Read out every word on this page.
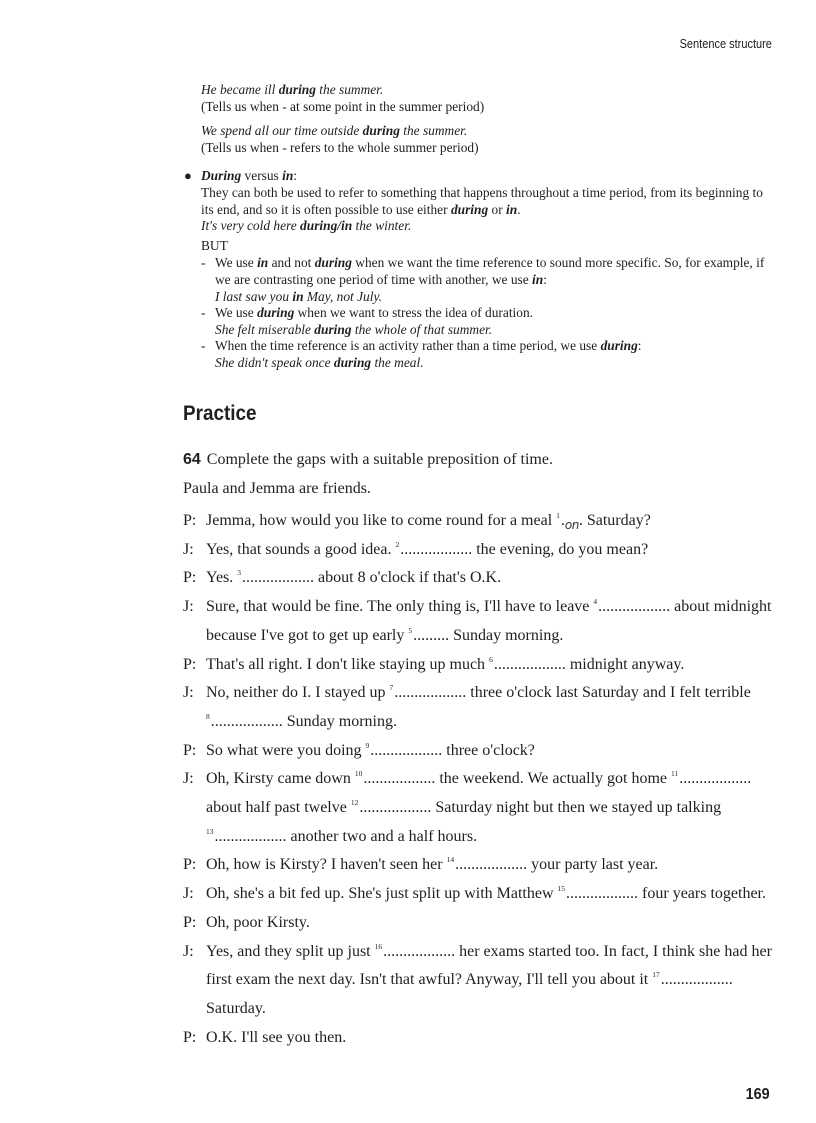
Sentence structure
He became ill during the summer.
(Tells us when - at some point in the summer period)
We spend all our time outside during the summer.
(Tells us when - refers to the whole summer period)
● During versus in:
They can both be used to refer to something that happens throughout a time period, from its beginning to its end, and so it is often possible to use either during or in.
It's very cold here during/in the winter.
BUT
- We use in and not during when we want the time reference to sound more specific. So, for example, if we are contrasting one period of time with another, we use in:
I last saw you in May, not July.
- We use during when we want to stress the idea of duration.
She felt miserable during the whole of that summer.
- When the time reference is an activity rather than a time period, we use during:
She didn't speak once during the meal.
Practice
64 Complete the gaps with a suitable preposition of time.
Paula and Jemma are friends.
P: Jemma, how would you like to come round for a meal $^1._{on}$. Saturday?
J: Yes, that sounds a good idea. $^2$.................. the evening, do you mean?
P: Yes. $^3$.................. about 8 o'clock if that's O.K.
J: Sure, that would be fine. The only thing is, I'll have to leave $^4$.................. about midnight because I've got to get up early $^5$......... Sunday morning.
P: That's all right. I don't like staying up much $^6$.................. midnight anyway.
J: No, neither do I. I stayed up $^7$.................. three o'clock last Saturday and I felt terrible $^8$.................. Sunday morning.
P: So what were you doing $^9$.................. three o'clock?
J: Oh, Kirsty came down $^{10}$.................. the weekend. We actually got home $^{11}$.................. about half past twelve $^{12}$.................. Saturday night but then we stayed up talking $^{13}$.................. another two and a half hours.
P: Oh, how is Kirsty? I haven't seen her $^{14}$.................. your party last year.
J: Oh, she's a bit fed up. She's just split up with Matthew $^{15}$.................. four years together.
P: Oh, poor Kirsty.
J: Yes, and they split up just $^{16}$.................. her exams started too. In fact, I think she had her first exam the next day. Isn't that awful? Anyway, I'll tell you about it $^{17}$.................. Saturday.
P: O.K. I'll see you then.
169
